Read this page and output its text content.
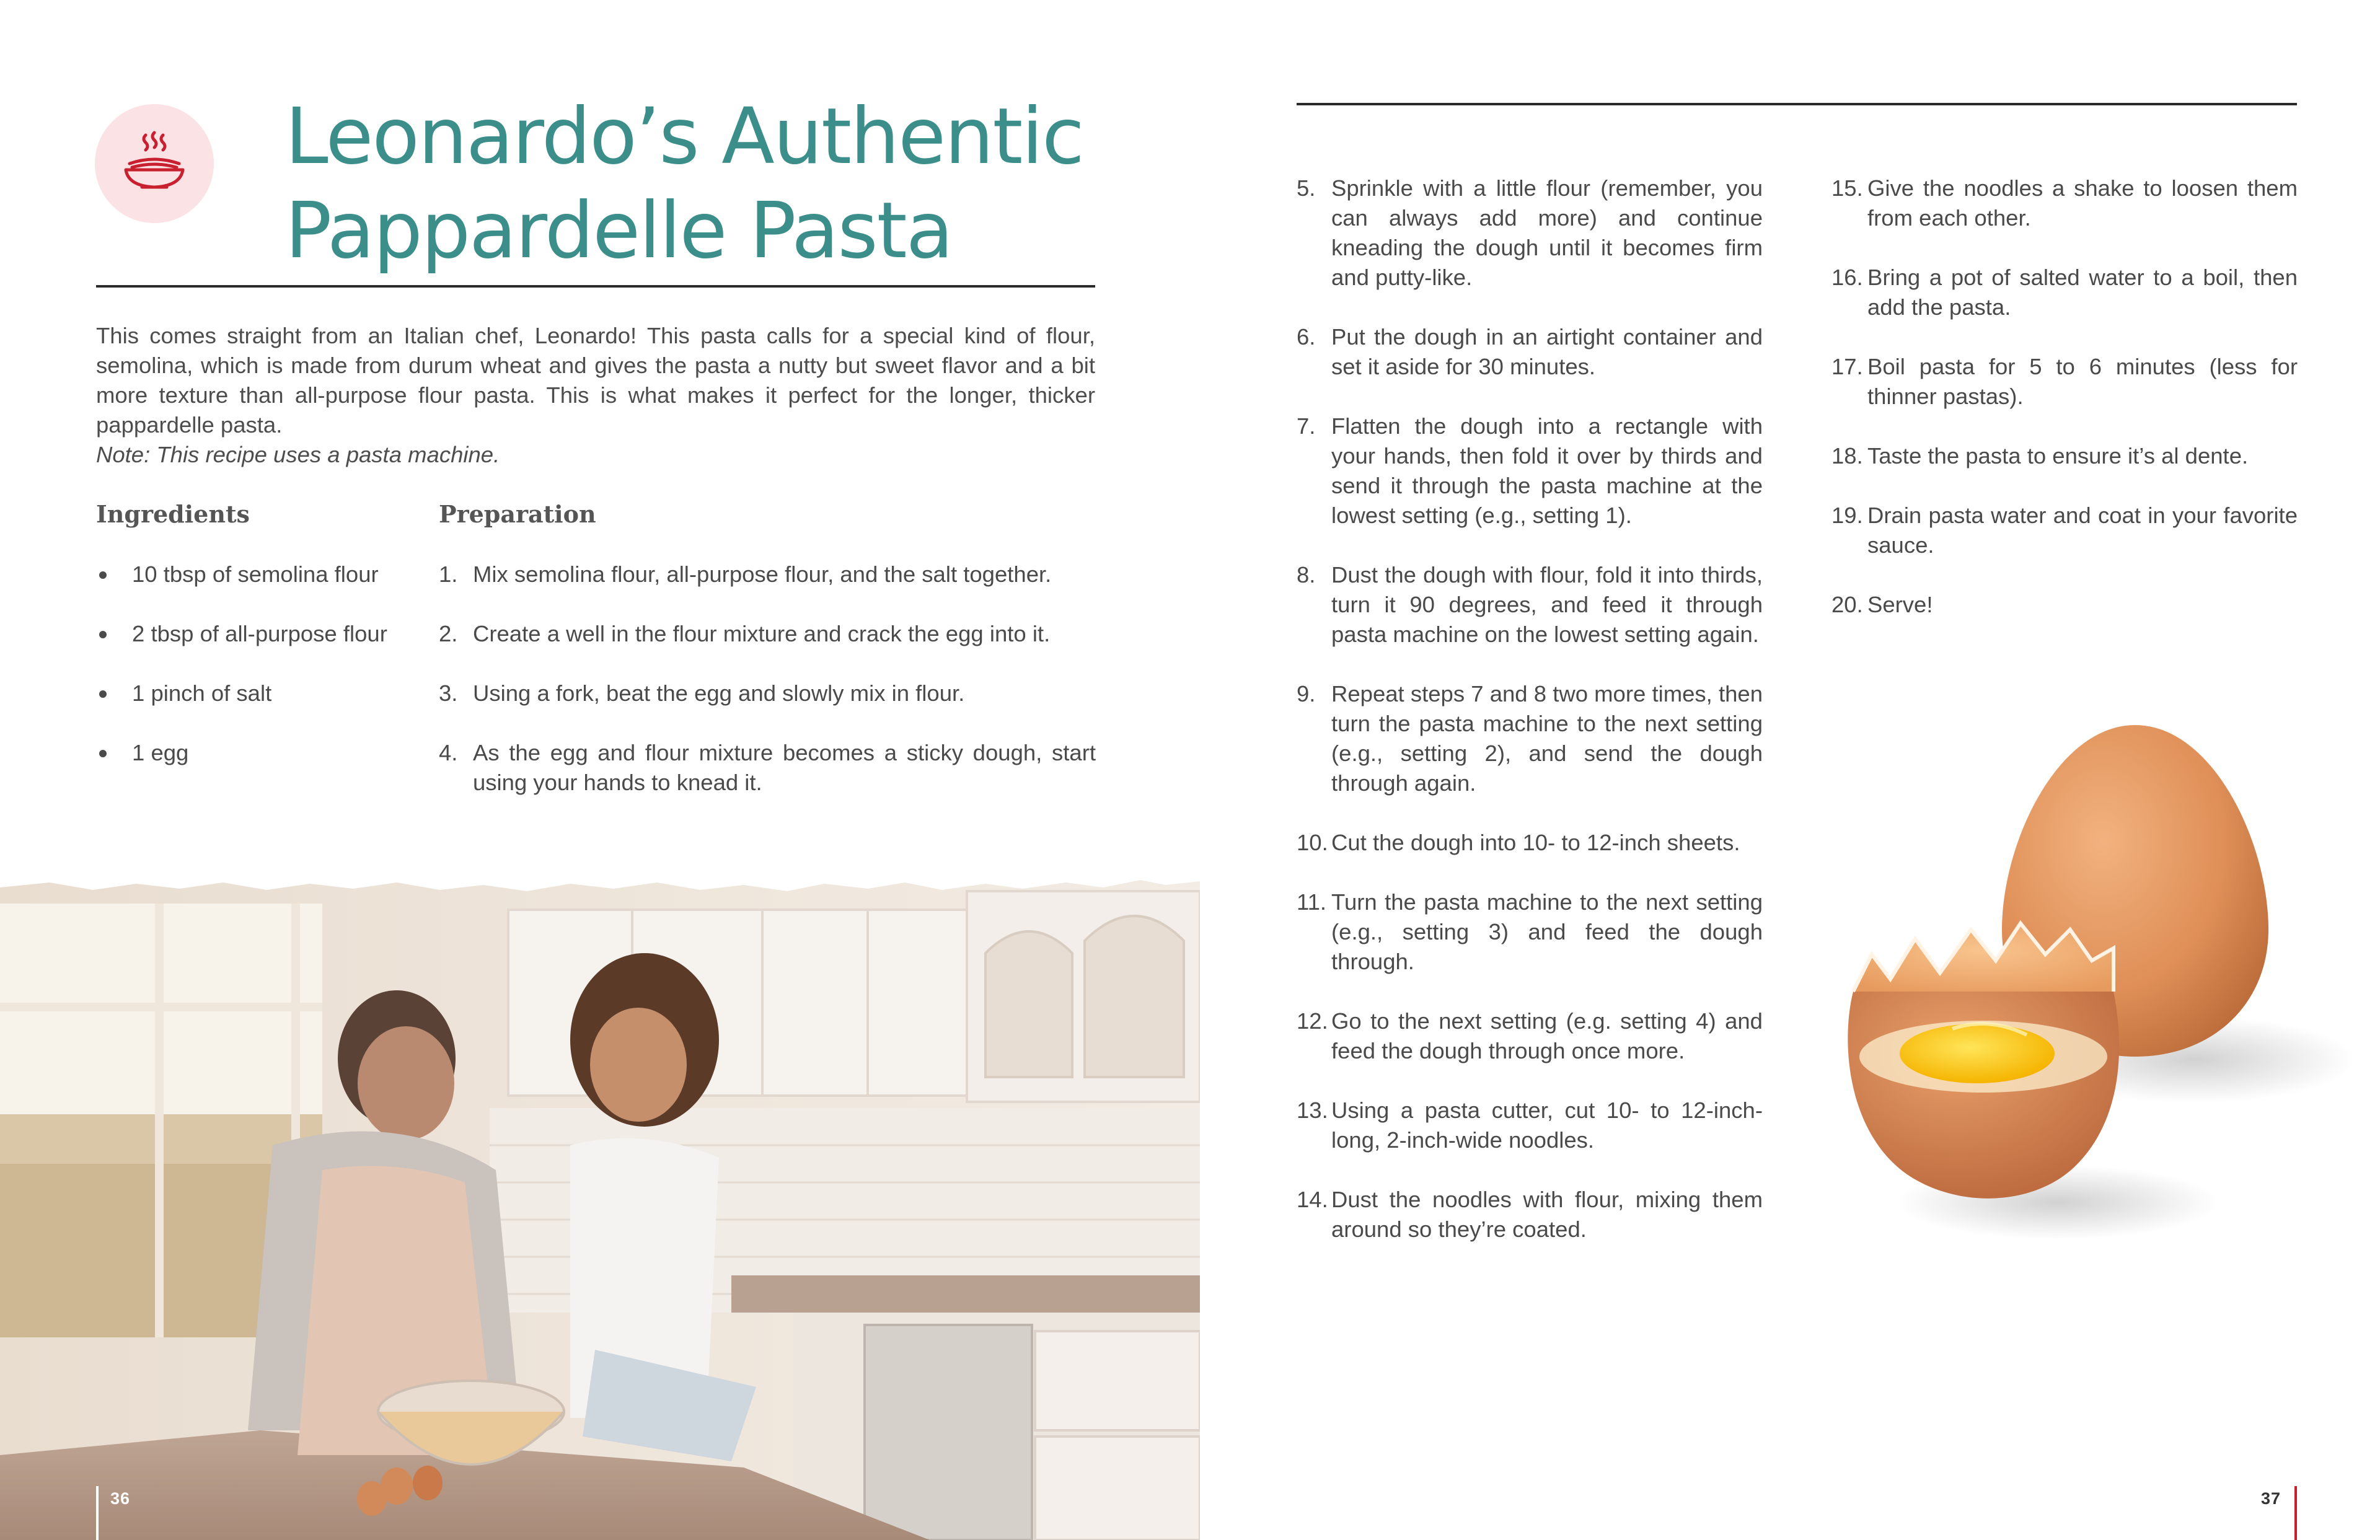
Leonardo’s Authentic
Pappardelle Pasta
This comes straight from an Italian chef, Leonardo! This pasta calls for a special kind of flour, semolina, which is made from durum wheat and gives the pasta a nutty but sweet flavor and a bit more texture than all-purpose flour pasta. This is what makes it perfect for the longer, thicker pappardelle pasta.
Note: This recipe uses a pasta machine.
Ingredients	Preparation
10 tbsp of semolina flour
2 tbsp of all-purpose flour
1 pinch of salt
1 egg
1. Mix semolina flour, all-purpose flour, and the salt together.
2. Create a well in the flour mixture and crack the egg into it.
3. Using a fork, beat the egg and slowly mix in flour.
4. As the egg and flour mixture becomes a sticky dough, start using your hands to knead it.
36
5. Sprinkle with a little flour (remember, you can always add more) and continue kneading the dough until it becomes firm and putty-like.
6. Put the dough in an airtight container and set it aside for 30 minutes.
7. Flatten the dough into a rectangle with your hands, then fold it over by thirds and send it through the pasta machine at the lowest setting (e.g., setting 1).
8. Dust the dough with flour, fold it into thirds, turn it 90 degrees, and feed it through pasta machine on the lowest setting again.
9. Repeat steps 7 and 8 two more times, then turn the pasta machine to the next setting (e.g., setting 2), and send the dough through again.
10. Cut the dough into 10- to 12-inch sheets.
11. Turn the pasta machine to the next setting (e.g., setting 3) and feed the dough through.
12. Go to the next setting (e.g. setting 4) and feed the dough through once more.
13. Using a pasta cutter, cut 10- to 12-inch-long, 2-inch-wide noodles.
14. Dust the noodles with flour, mixing them around so they’re coated.
15. Give the noodles a shake to loosen them from each other.
16. Bring a pot of salted water to a boil, then add the pasta.
17. Boil pasta for 5 to 6 minutes (less for thinner pastas).
18. Taste the pasta to ensure it’s al dente.
19. Drain pasta water and coat in your favorite sauce.
20. Serve!
37
